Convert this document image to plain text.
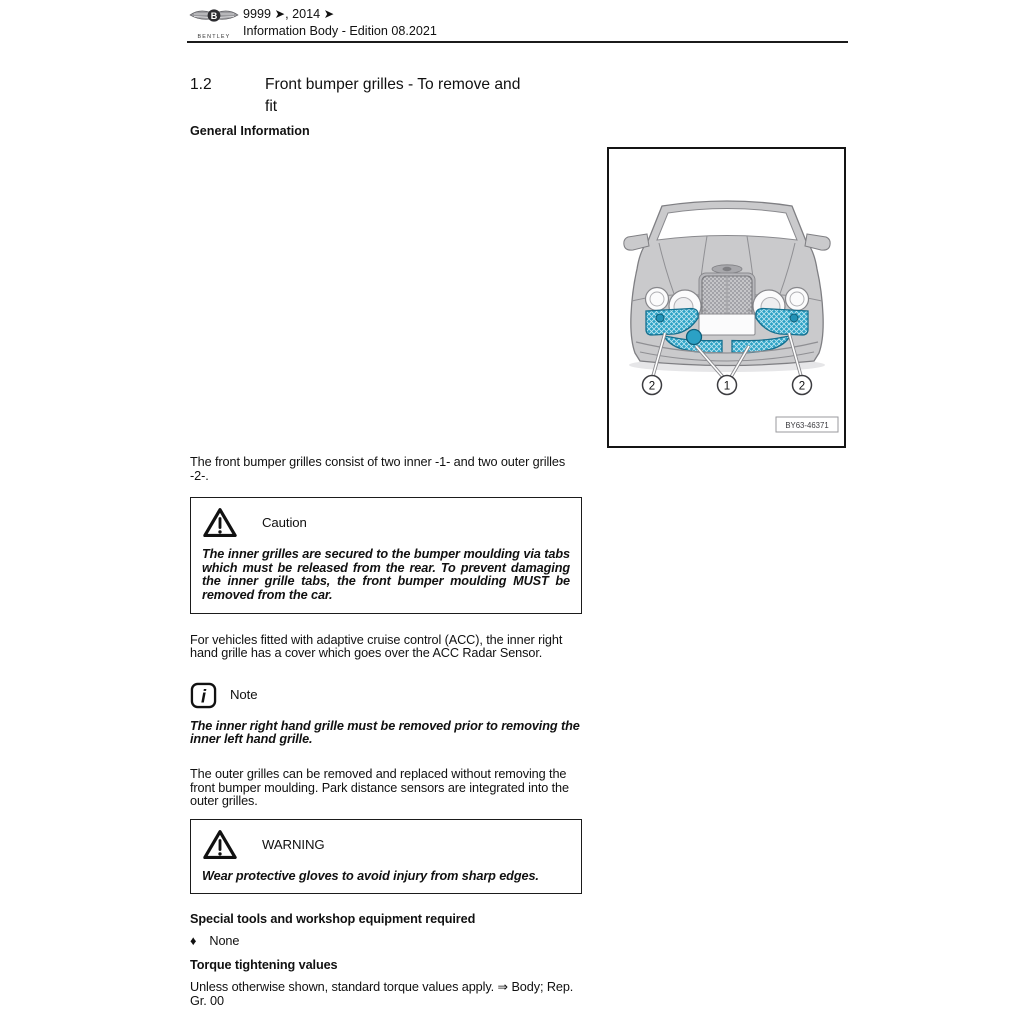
B
BENTLEY
9999 ➤, 2014 ➤
Information Body - Edition 08.2021
1.2	Front bumper grilles - To remove and
fit
General Information
2	1	2
BY63-46371

The front bumper grilles consist of two inner -1- and two outer grilles -2-.

Caution
The inner grilles are secured to the bumper moulding via tabs which must be released from the rear. To prevent damaging the inner grille tabs, the front bumper moulding MUST be removed from the car.

For vehicles fitted with adaptive cruise control (ACC), the inner right hand grille has a cover which goes over the ACC Radar Sensor.

i Note
The inner right hand grille must be removed prior to removing the inner left hand grille.

The outer grilles can be removed and replaced without removing the front bumper moulding. Park distance sensors are integrated into the outer grilles.

WARNING
Wear protective gloves to avoid injury from sharp edges.

Special tools and workshop equipment required

♦ None

Torque tightening values

Unless otherwise shown, standard torque values apply. ⇒ Body; Rep. Gr. 00
